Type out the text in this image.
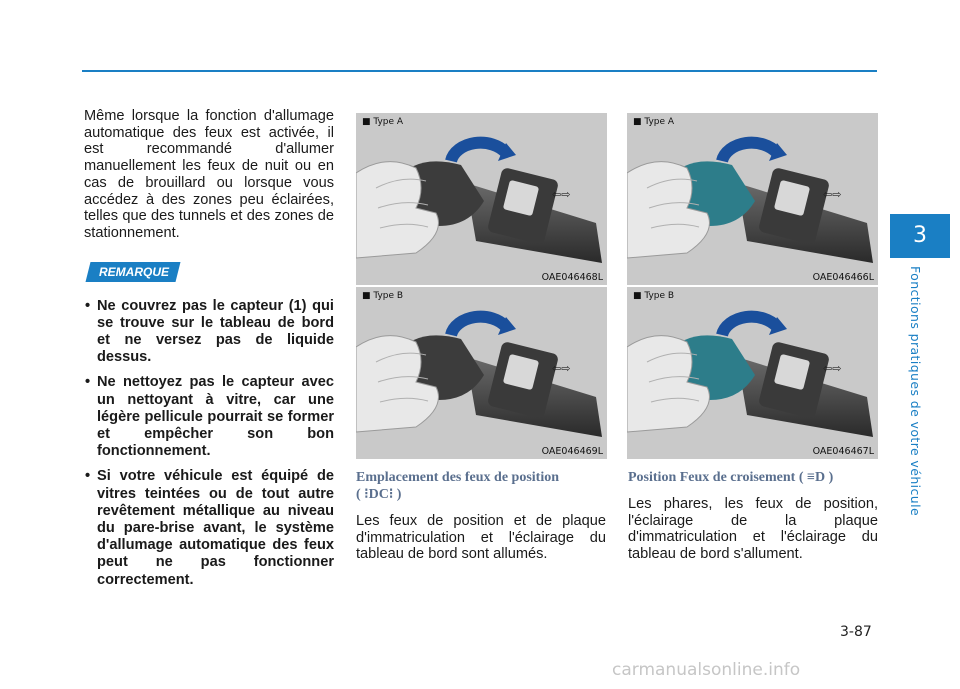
3
Fonctions pratiques de votre véhicule

Même lorsque la fonction d'allumage automatique des feux est activée, il est recommandé d'allumer manuellement les feux de nuit ou en cas de brouillard ou lorsque vous accédez à des zones peu éclairées, telles que des tunnels et des zones de stationnement.

REMARQUE
• Ne couvrez pas le capteur (1) qui se trouve sur le tableau de bord et ne versez pas de liquide dessus.
• Ne nettoyez pas le capteur avec un nettoyant à vitre, car une légère pellicule pourrait se former et empêcher son bon fonctionnement.
• Si votre véhicule est équipé de vitres teintées ou de tout autre revêtement métallique au niveau du pare-brise avant, le système d'allumage automatique des feux peut ne pas fonctionner correctement.
⇦⇨
■ Type A
OAE046468L
⇦⇨
■ Type B
OAE046469L
⇦⇨
■ Type A
OAE046466L
⇦⇨
■ Type B
OAE046467L

Emplacement des feux de position
( ⁝DC⁝ )

Les feux de position et de plaque d'immatriculation et l'éclairage du tableau de bord sont allumés.

Position Feux de croisement ( ≡D )

Les phares, les feux de position, l'éclairage de la plaque d'immatriculation et l'éclairage du tableau de bord s'allument.

3-87
carmanualsonline.info
